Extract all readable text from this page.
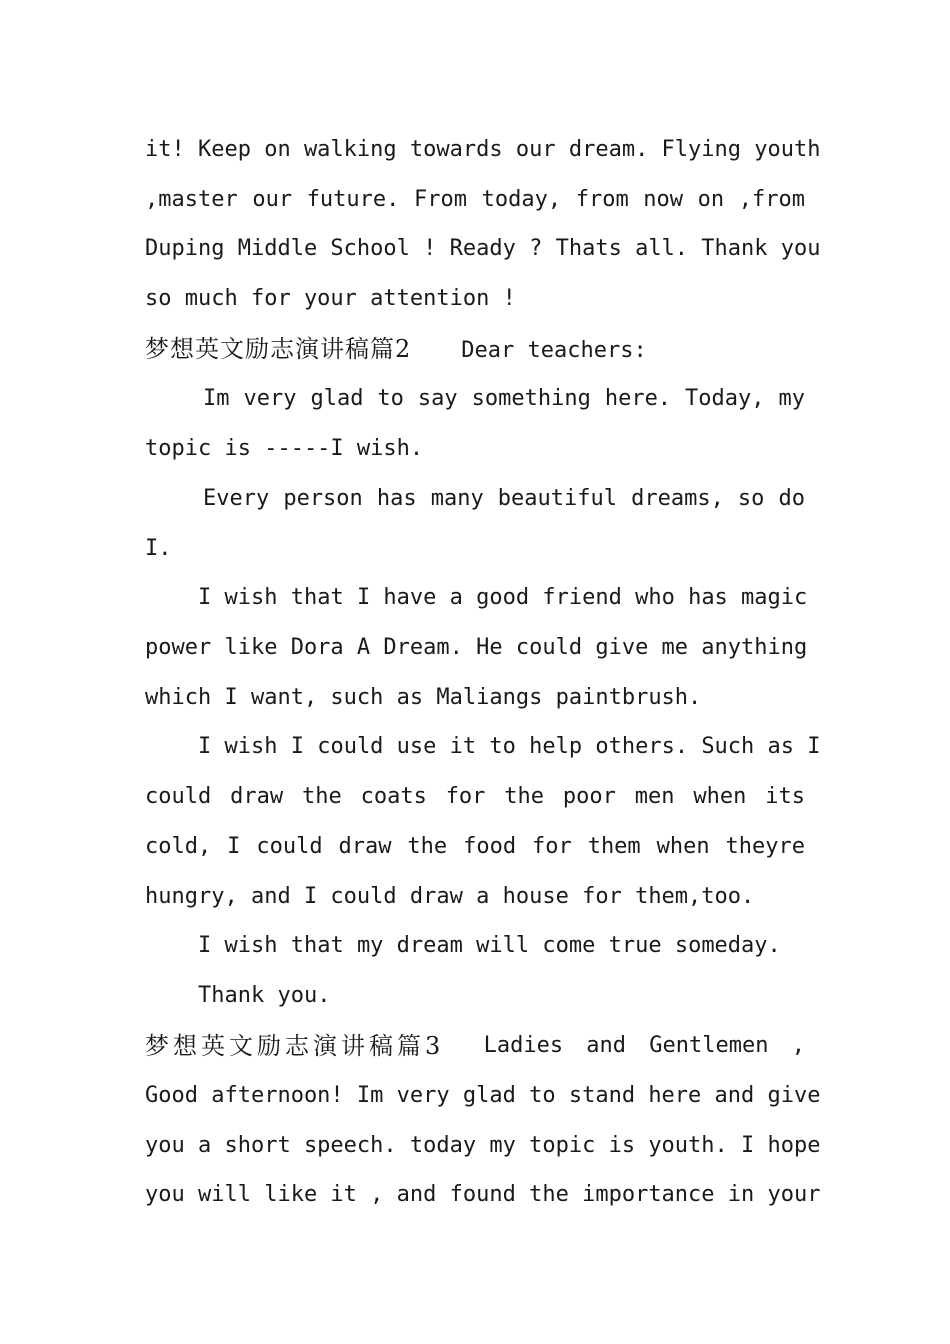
it! Keep on walking towards our dream. Flying youth
,master our future. From today, from now on ,from
Duping Middle School ! Ready ? Thats all. Thank you
so much for your attention !
梦想英文励志演讲稿篇2 Dear teachers:
Im very glad to say something here. Today, my
topic is -----I wish.
Every person has many beautiful dreams, so do
I.
I wish that I have a good friend who has magic
power like Dora A Dream. He could give me anything
which I want, such as Maliangs paintbrush.
I wish I could use it to help others. Such as I
could draw the coats for the poor men when its
cold, I could draw the food for them when theyre
hungry, and I could draw a house for them,too.
I wish that my dream will come true someday.
Thank you.
梦想英文励志演讲稿篇3 Ladies and Gentlemen ,
Good afternoon! Im very glad to stand here and give
you a short speech. today my topic is youth. I hope
you will like it , and found the importance in your
